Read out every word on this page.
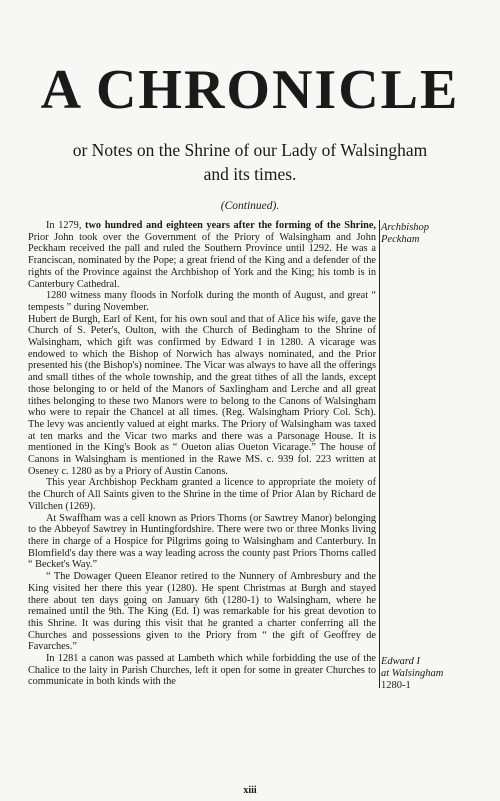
A CHRONICLE
or Notes on the Shrine of our Lady of Walsingham
and its times.
(Continued).

In 1279, two hundred and eighteen years after the forming of the Shrine, Prior John took over the Government of the Priory of Walsingham and John Peckham received the pall and ruled the Southern Province until 1292. He was a Franciscan, nominated by the Pope; a great friend of the King and a defender of the rights of the Province against the Archbishop of York and the King; his tomb is in Canterbury Cathedral.

1280 witness many floods in Norfolk during the month of August, and great “ tempests ” during November.

Hubert de Burgh, Earl of Kent, for his own soul and that of Alice his wife, gave the Church of S. Peter's, Oulton, with the Church of Bedingham to the Shrine of Walsingham, which gift was confirmed by Edward I in 1280. A vicarage was endowed to which the Bishop of Norwich has always nominated, and the Prior presented his (the Bishop's) nominee. The Vicar was always to have all the offerings and small tithes of the whole township, and the great tithes of all the lands, except those belonging to or held of the Manors of Saxlingham and Lerche and all great tithes belonging to these two Manors were to belong to the Canons of Walsingham who were to repair the Chancel at all times. (Reg. Walsingham Priory Col. Sch). The levy was anciently valued at eight marks. The Priory of Walsingham was taxed at ten marks and the Vicar two marks and there was a Parsonage House. It is mentioned in the King's Book as “ Oueton alias Oueton Vicarage.” The house of Canons in Walsingham is mentioned in the Rawe MS. c. 939 fol. 223 written at Oseney c. 1280 as by a Priory of Austin Canons.

This year Archbishop Peckham granted a licence to appropriate the moiety of the Church of All Saints given to the Shrine in the time of Prior Alan by Richard de Villchen (1269).

At Swaffham was a cell known as Priors Thorns (or Sawtrey Manor) belonging to the Abbeyof Sawtrey in Huntingfordshire. There were two or three Monks living there in charge of a Hospice for Pilgrims going to Walsingham and Canterbury. In Blomfield's day there was a way leading across the county past Priors Thorns called “ Becket's Way.”

“ The Dowager Queen Eleanor retired to the Nunnery of Ambresbury and the King visited her there this year (1280). He spent Christmas at Burgh and stayed there about ten days going on January 6th (1280-1) to Walsingham, where he remained until the 9th. The King (Ed. I) was remarkable for his great devotion to this Shrine. It was during this visit that he granted a charter conferring all the Churches and possessions given to the Priory from “ the gift of Geoffrey de Favarches.”

In 1281 a canon was passed at Lambeth which while forbidding the use of the Chalice to the laity in Parish Churches, left it open for some in greater Churches to communicate in both kinds with the

Archbishop
Peckham
Edward I
at Walsingham
1280-1
xiii
